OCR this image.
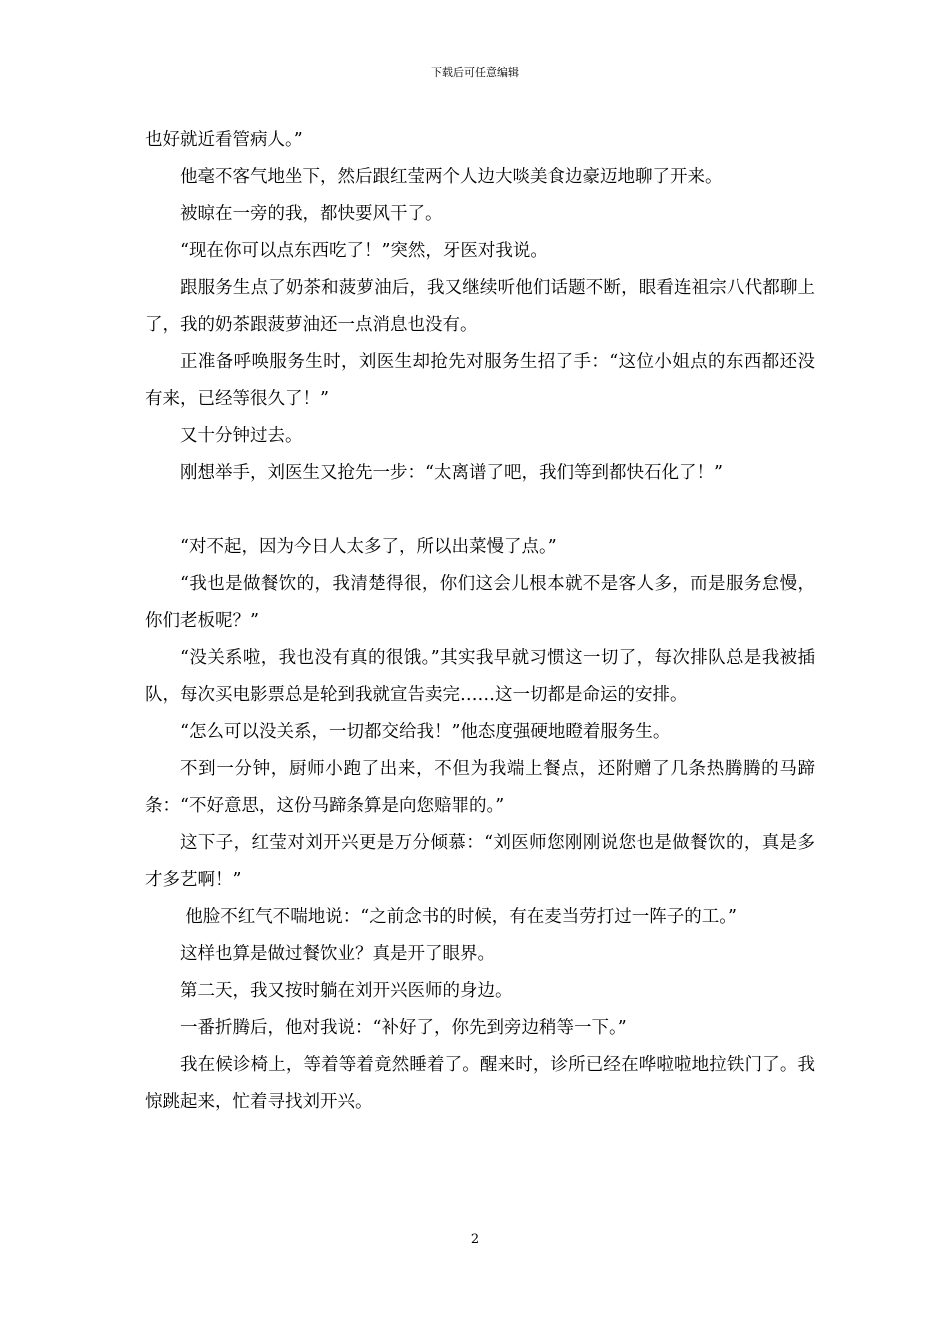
下载后可任意编辑

也好就近看管病人。”

他毫不客气地坐下，然后跟红莹两个人边大啖美食边豪迈地聊了开来。

被晾在一旁的我，都快要风干了。

“现在你可以点东西吃了！”突然，牙医对我说。

跟服务生点了奶茶和菠萝油后，我又继续听他们话题不断，眼看连祖宗八代都聊上了，我的奶茶跟菠萝油还一点消息也没有。

正准备呼唤服务生时，刘医生却抢先对服务生招了手：“这位小姐点的东西都还没有来，已经等很久了！”

又十分钟过去。

刚想举手，刘医生又抢先一步：“太离谱了吧，我们等到都快石化了！”

“对不起，因为今日人太多了，所以出菜慢了点。”

“我也是做餐饮的，我清楚得很，你们这会儿根本就不是客人多，而是服务怠慢，你们老板呢？”

“没关系啦，我也没有真的很饿。”其实我早就习惯这一切了，每次排队总是我被插队，每次买电影票总是轮到我就宣告卖完……这一切都是命运的安排。

“怎么可以没关系，一切都交给我！”他态度强硬地瞪着服务生。

不到一分钟，厨师小跑了出来，不但为我端上餐点，还附赠了几条热腾腾的马蹄条：“不好意思，这份马蹄条算是向您赔罪的。”

这下子，红莹对刘开兴更是万分倾慕：“刘医师您刚刚说您也是做餐饮的，真是多才多艺啊！”

他脸不红气不喘地说：“之前念书的时候，有在麦当劳打过一阵子的工。”

这样也算是做过餐饮业？真是开了眼界。

第二天，我又按时躺在刘开兴医师的身边。

一番折腾后，他对我说：“补好了，你先到旁边稍等一下。”

我在候诊椅上，等着等着竟然睡着了。醒来时，诊所已经在哗啦啦地拉铁门了。我惊跳起来，忙着寻找刘开兴。

2
